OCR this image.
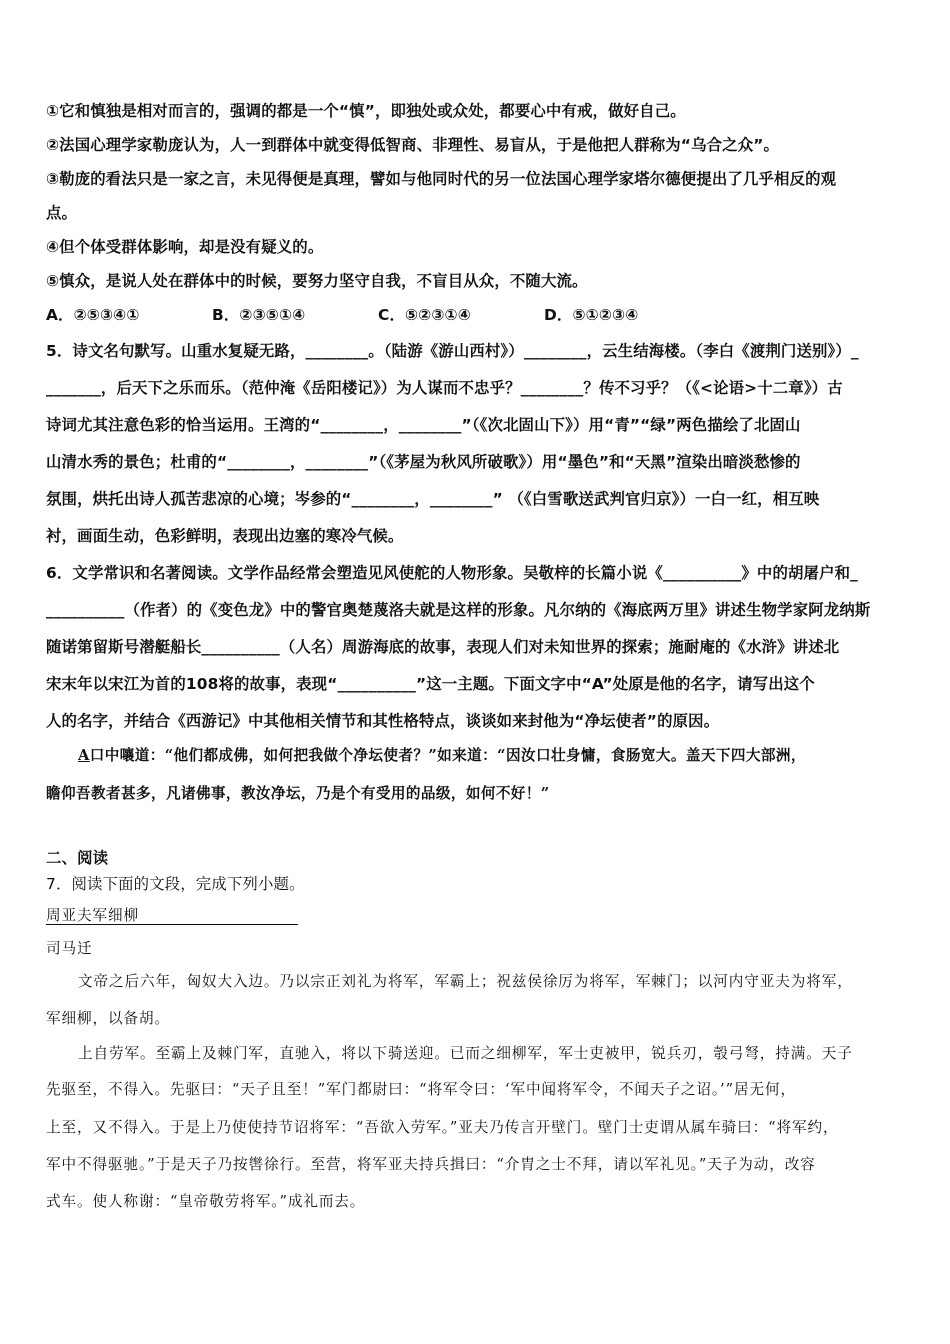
①它和慎独是相对而言的，强调的都是一个“慎”，即独处或众处，都要心中有戒，做好自己。
②法国心理学家勒庞认为，人一到群体中就变得低智商、非理性、易盲从，于是他把人群称为“乌合之众”。
③勒庞的看法只是一家之言，未见得便是真理，譬如与他同时代的另一位法国心理学家塔尔德便提出了几乎相反的观
点。
④但个体受群体影响，却是没有疑义的。
⑤慎众，是说人处在群体中的时候，要努力坚守自我，不盲目从众，不随大流。
A．②⑤③④①	B．②③⑤①④	C．⑤②③①④	D．⑤①②③④
5．诗文名句默写。山重水复疑无路，________。（陆游《游山西村》）________，云生结海楼。（李白《渡荆门送别》）_
_______，后天下之乐而乐。（范仲淹《岳阳楼记》）为人谋而不忠乎？________？传不习乎？（《<论语>十二章》）古
诗词尤其注意色彩的恰当运用。王湾的“________，________”（《次北固山下》）用“青”“绿”两色描绘了北固山
山清水秀的景色；杜甫的“________，________”（《茅屋为秋风所破歌》）用“墨色”和“天黑”渲染出暗淡愁惨的
氛围，烘托出诗人孤苦悲凉的心境；岑参的“________，________” （《白雪歌送武判官归京》）一白一红，相互映
衬，画面生动，色彩鲜明，表现出边塞的寒冷气候。
6．文学常识和名著阅读。文学作品经常会塑造见风使舵的人物形象。吴敬梓的长篇小说《__________》中的胡屠户和_
__________（作者）的《变色龙》中的警官奥楚蔑洛夫就是这样的形象。凡尔纳的《海底两万里》讲述生物学家阿龙纳斯
随诺第留斯号潜艇船长__________（人名）周游海底的故事，表现人们对未知世界的探索；施耐庵的《水浒》讲述北
宋末年以宋江为首的108将的故事，表现“__________”这一主题。下面文字中“A”处原是他的名字，请写出这个
人的名字，并结合《西游记》中其他相关情节和其性格特点，谈谈如来封他为“净坛使者”的原因。
A口中嚷道：“他们都成佛，如何把我做个净坛使者？”如来道：“因汝口壮身慵，食肠宽大。盖天下四大部洲，
瞻仰吾教者甚多，凡诸佛事，教汝净坛，乃是个有受用的品级，如何不好！”
二、阅读
7．阅读下面的文段，完成下列小题。
周亚夫军细柳
司马迁
文帝之后六年，匈奴大入边。乃以宗正刘礼为将军，军霸上；祝兹侯徐厉为将军，军棘门；以河内守亚夫为将军，
军细柳，以备胡。
上自劳军。至霸上及棘门军，直驰入，将以下骑送迎。已而之细柳军，军士吏被甲，锐兵刃，彀弓弩，持满。天子
先驱至，不得入。先驱曰：“天子且至！”军门都尉曰：“将军令曰：‘军中闻将军令，不闻天子之诏。’”居无何，
上至，又不得入。于是上乃使使持节诏将军：“吾欲入劳军。”亚夫乃传言开壁门。壁门士吏谓从属车骑曰：“将军约，
军中不得驱驰。”于是天子乃按辔徐行。至营，将军亚夫持兵揖曰：“介胄之士不拜，请以军礼见。”天子为动，改容
式车。使人称谢：“皇帝敬劳将军。”成礼而去。
